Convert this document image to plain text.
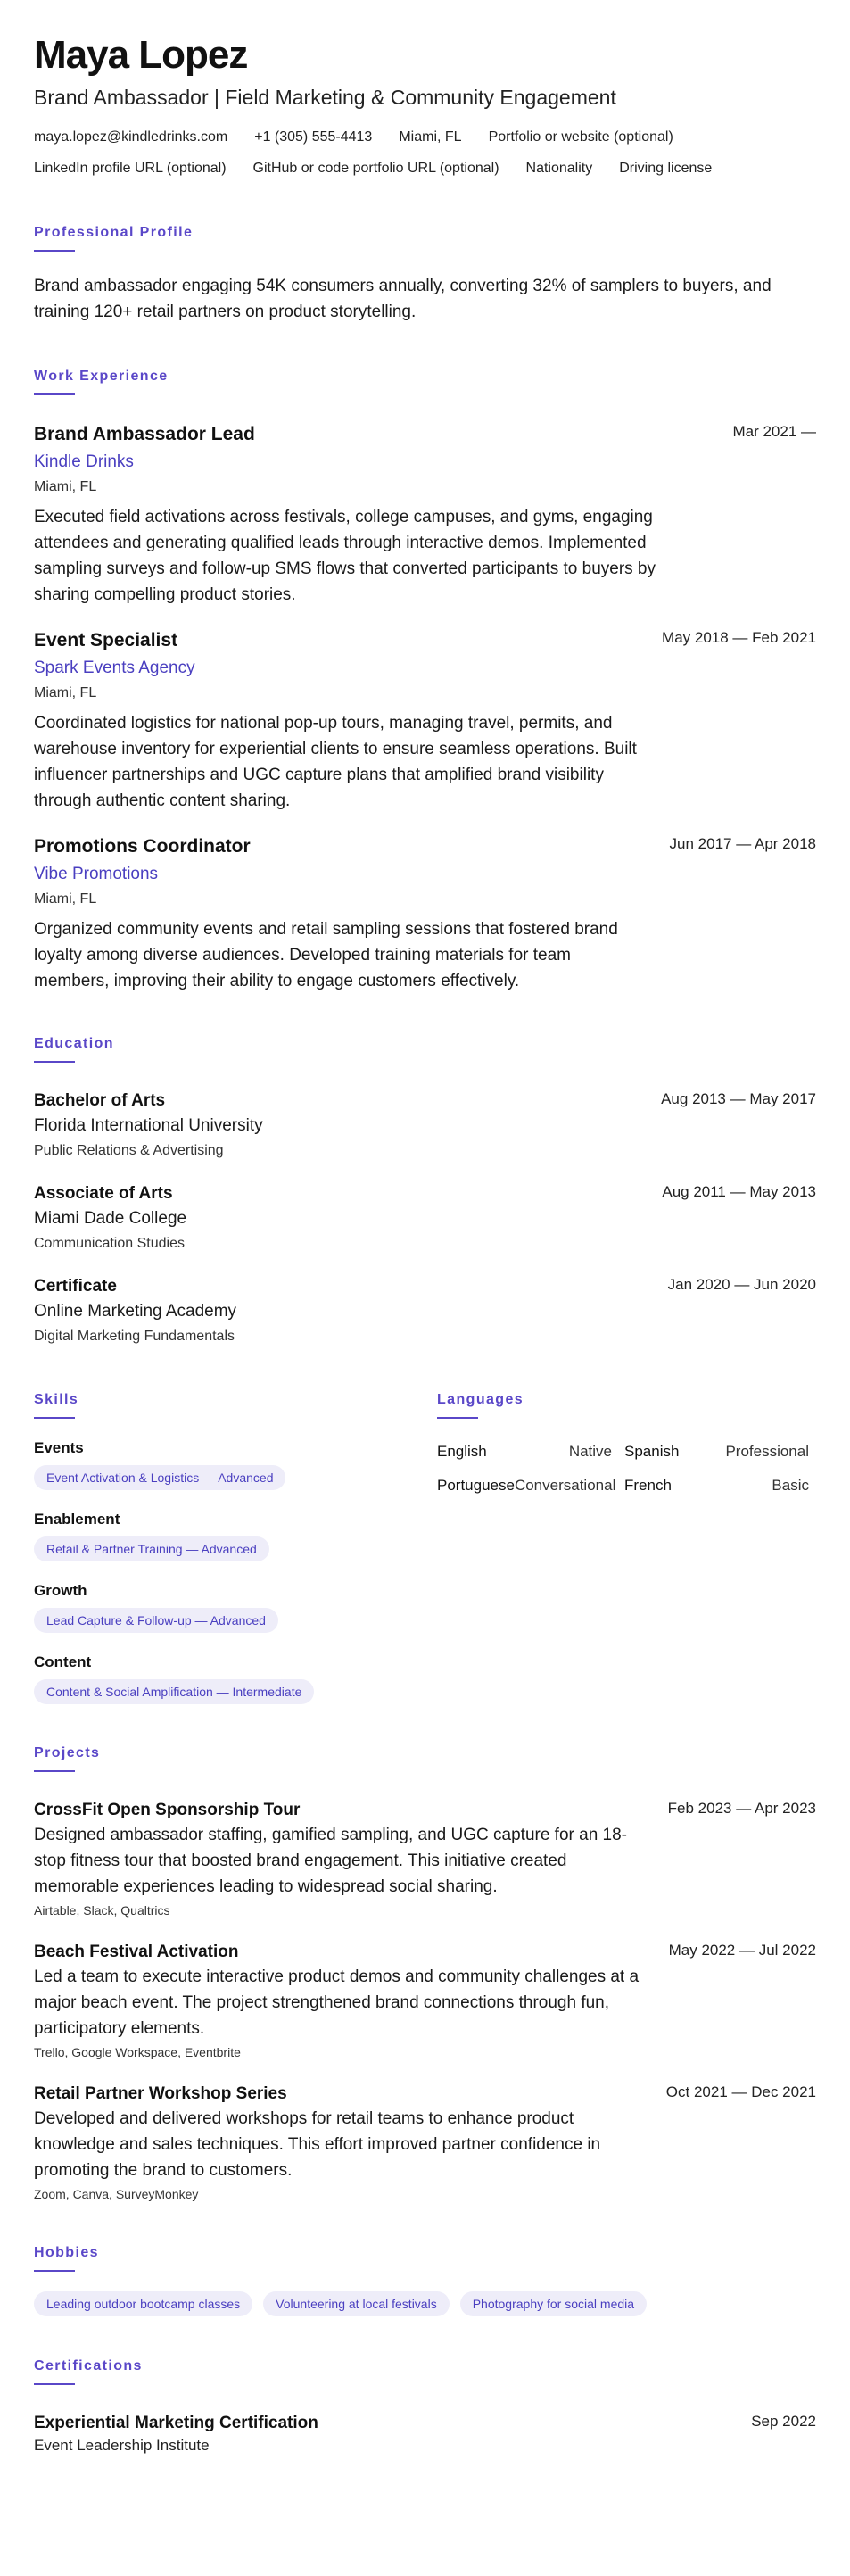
Maya Lopez
Brand Ambassador | Field Marketing & Community Engagement
maya.lopez@kindledrinks.com +1 (305) 555-4413 Miami, FL Portfolio or website (optional)
LinkedIn profile URL (optional) GitHub or code portfolio URL (optional) Nationality Driving license
Professional Profile
Brand ambassador engaging 54K consumers annually, converting 32% of samplers to buyers, and training 120+ retail partners on product storytelling.
Work Experience
Brand Ambassador Lead	Mar 2021 —
Kindle Drinks
Miami, FL
Executed field activations across festivals, college campuses, and gyms, engaging attendees and generating qualified leads through interactive demos. Implemented sampling surveys and follow-up SMS flows that converted participants to buyers by sharing compelling product stories.
Event Specialist	May 2018 — Feb 2021
Spark Events Agency
Miami, FL
Coordinated logistics for national pop-up tours, managing travel, permits, and warehouse inventory for experiential clients to ensure seamless operations. Built influencer partnerships and UGC capture plans that amplified brand visibility through authentic content sharing.
Promotions Coordinator	Jun 2017 — Apr 2018
Vibe Promotions
Miami, FL
Organized community events and retail sampling sessions that fostered brand loyalty among diverse audiences. Developed training materials for team members, improving their ability to engage customers effectively.
Education
Bachelor of Arts	Aug 2013 — May 2017
Florida International University
Public Relations & Advertising
Associate of Arts	Aug 2011 — May 2013
Miami Dade College
Communication Studies
Certificate	Jan 2020 — Jun 2020
Online Marketing Academy
Digital Marketing Fundamentals
Skills
Events
Event Activation & Logistics — Advanced
Enablement
Retail & Partner Training — Advanced
Growth
Lead Capture & Follow-up — Advanced
Content
Content & Social Amplification — Intermediate
Languages
English	Native Spanish	Professional
Portuguese Conversational French	Basic
Projects
CrossFit Open Sponsorship Tour	Feb 2023 — Apr 2023
Designed ambassador staffing, gamified sampling, and UGC capture for an 18-stop fitness tour that boosted brand engagement. This initiative created memorable experiences leading to widespread social sharing.
Airtable, Slack, Qualtrics
Beach Festival Activation	May 2022 — Jul 2022
Led a team to execute interactive product demos and community challenges at a major beach event. The project strengthened brand connections through fun, participatory elements.
Trello, Google Workspace, Eventbrite
Retail Partner Workshop Series	Oct 2021 — Dec 2021
Developed and delivered workshops for retail teams to enhance product knowledge and sales techniques. This effort improved partner confidence in promoting the brand to customers.
Zoom, Canva, SurveyMonkey
Hobbies
Leading outdoor bootcamp classes	Volunteering at local festivals	Photography for social media
Certifications
Experiential Marketing Certification	Sep 2022
Event Leadership Institute
